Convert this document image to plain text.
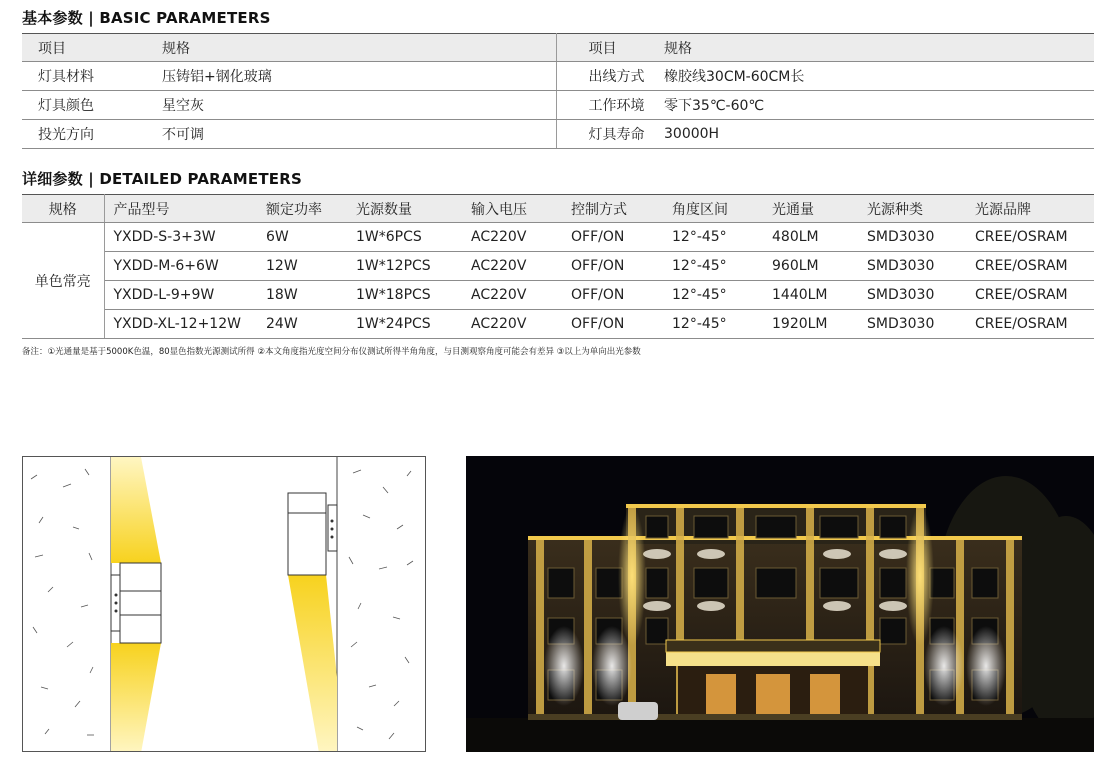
基本参数 | BASIC PARAMETERS
项目	规格	项目	规格
灯具材料	压铸铝+钢化玻璃	出线方式	橡胶线30CM-60CM长
灯具颜色	星空灰	工作环境	零下35℃-60℃
投光方向	不可调	灯具寿命	30000H
详细参数 | DETAILED PARAMETERS
规格	产品型号	额定功率	光源数量	输入电压	控制方式	角度区间	光通量	光源种类	光源品牌
单色常亮	YXDD-S-3+3W	6W	1W*6PCS	AC220V	OFF/ON	12°-45°	480LM	SMD3030	CREE/OSRAM
	YXDD-M-6+6W	12W	1W*12PCS	AC220V	OFF/ON	12°-45°	960LM	SMD3030	CREE/OSRAM
	YXDD-L-9+9W	18W	1W*18PCS	AC220V	OFF/ON	12°-45°	1440LM	SMD3030	CREE/OSRAM
	YXDD-XL-12+12W	24W	1W*24PCS	AC220V	OFF/ON	12°-45°	1920LM	SMD3030	CREE/OSRAM
备注：①光通量是基于5000K色温，80显色指数光源测试所得 ②本文角度指光度空间分布仪测试所得半角角度，与目测观察角度可能会有差异 ③以上为单向出光参数
